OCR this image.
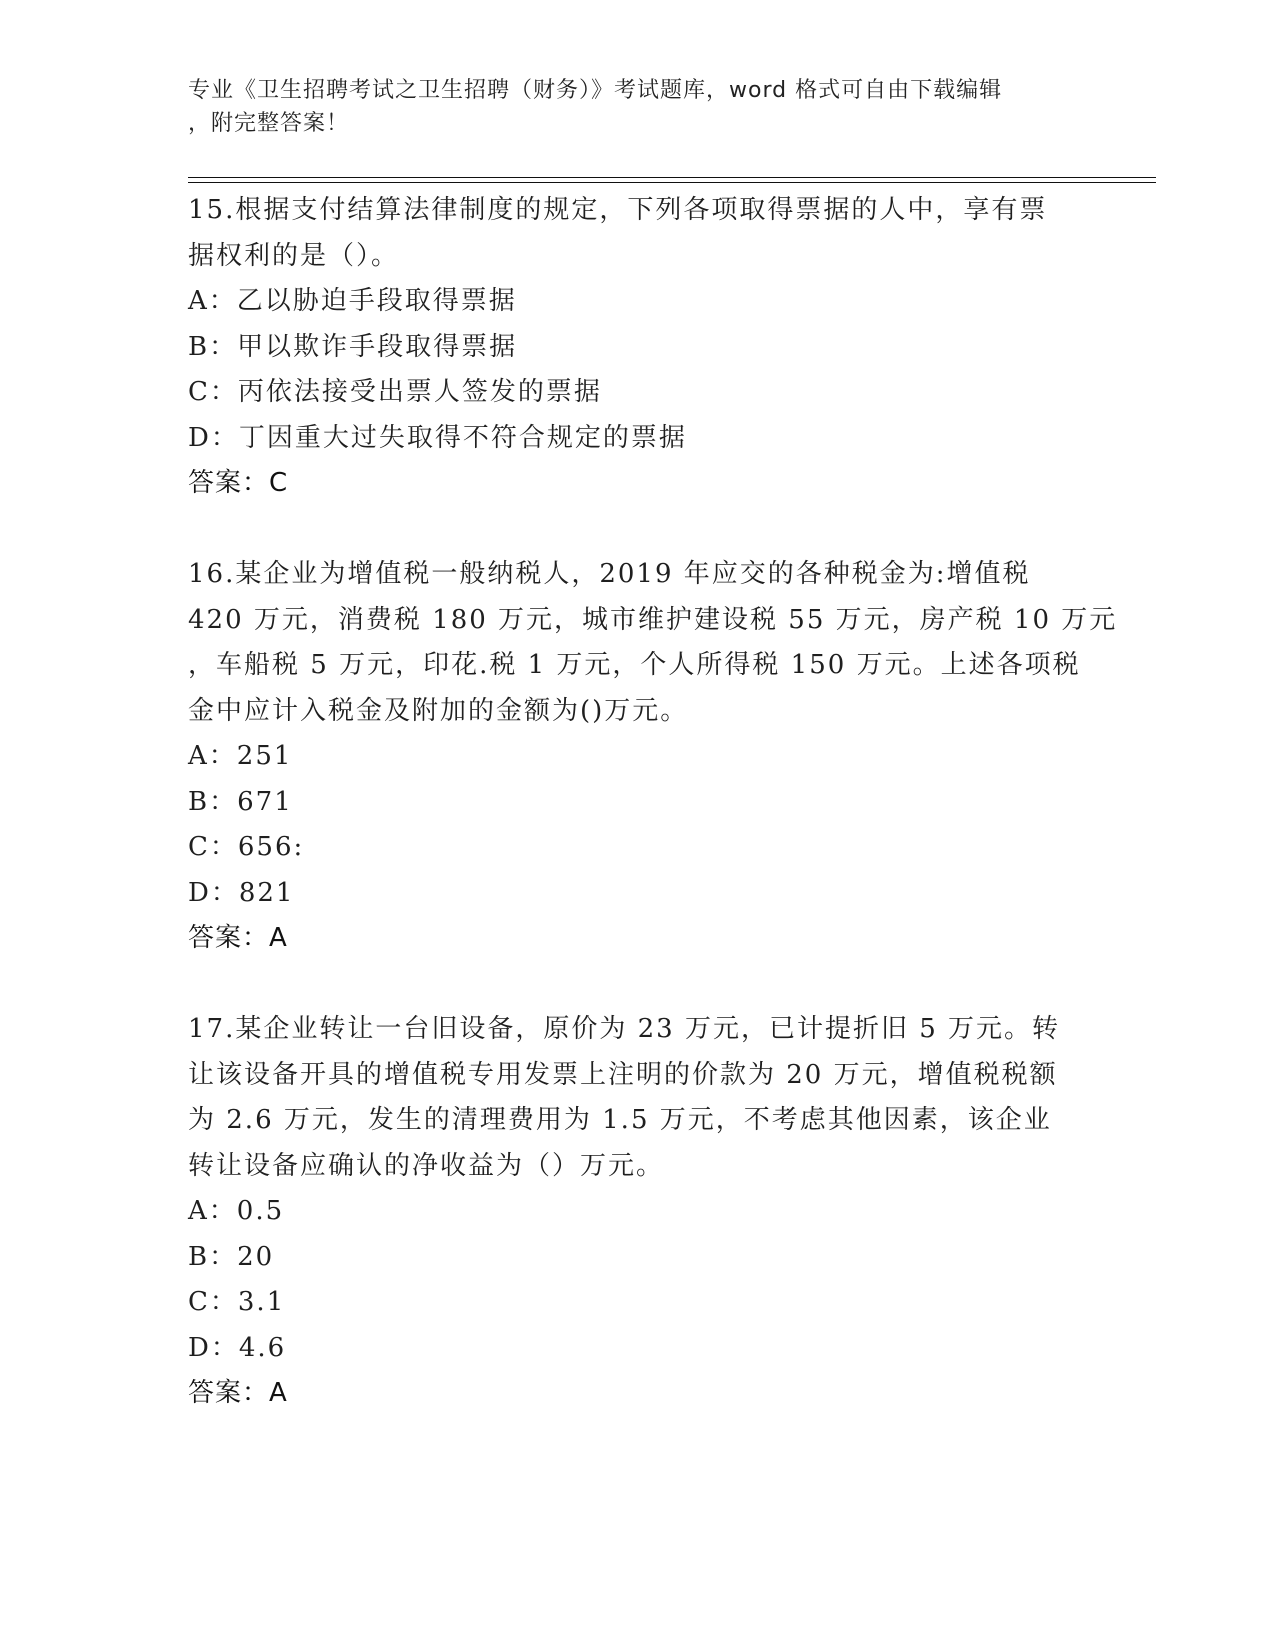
专业《卫生招聘考试之卫生招聘（财务）》考试题库，word 格式可自由下载编辑
，附完整答案！
15.根据支付结算法律制度的规定，下列各项取得票据的人中，享有票
据权利的是（）。
A：乙以胁迫手段取得票据
B：甲以欺诈手段取得票据
C：丙依法接受出票人签发的票据
D：丁因重大过失取得不符合规定的票据
答案：C
16.某企业为增值税一般纳税人，2019 年应交的各种税金为:增值税
420 万元，消费税 180 万元，城市维护建设税 55 万元，房产税 10 万元
，车船税 5 万元，印花.税 1 万元，个人所得税 150 万元。上述各项税
金中应计入税金及附加的金额为()万元。
A：251
B：671
C：656:
D：821
答案：A
17.某企业转让一台旧设备，原价为 23 万元，已计提折旧 5 万元。转
让该设备开具的增值税专用发票上注明的价款为 20 万元，增值税税额
为 2.6 万元，发生的清理费用为 1.5 万元，不考虑其他因素，该企业
转让设备应确认的净收益为（）万元。
A：0.5
B：20
C：3.1
D：4.6
答案：A
